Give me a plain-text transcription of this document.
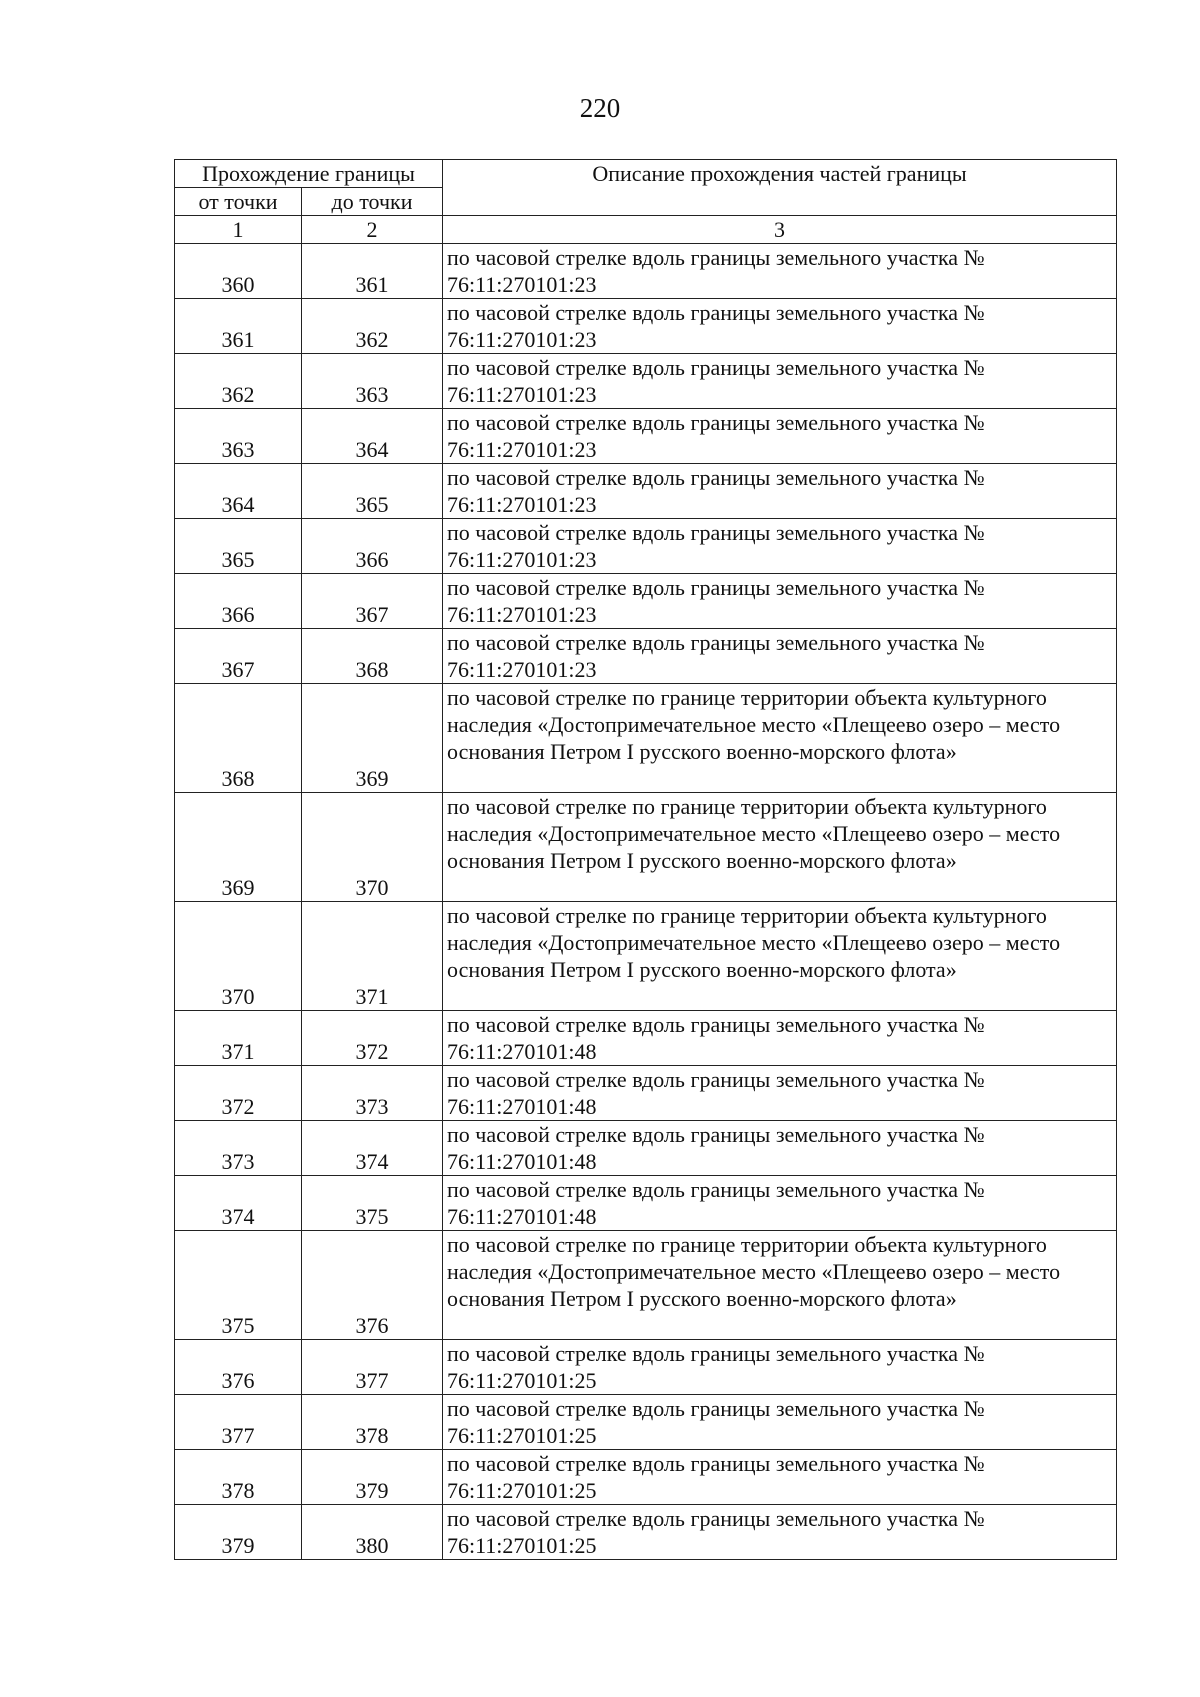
220
Прохождение границы		Описание прохождения частей границы
от точки	до точки	
1	2	3
360	361	по часовой стрелке вдоль границы земельного участка № 76:11:270101:23
361	362	по часовой стрелке вдоль границы земельного участка № 76:11:270101:23
362	363	по часовой стрелке вдоль границы земельного участка № 76:11:270101:23
363	364	по часовой стрелке вдоль границы земельного участка № 76:11:270101:23
364	365	по часовой стрелке вдоль границы земельного участка № 76:11:270101:23
365	366	по часовой стрелке вдоль границы земельного участка № 76:11:270101:23
366	367	по часовой стрелке вдоль границы земельного участка № 76:11:270101:23
367	368	по часовой стрелке вдоль границы земельного участка № 76:11:270101:23
368	369	по часовой стрелке по границе территории объекта культурного наследия «Достопримечательное место «Плещеево озеро – место основания Петром I русского военно-морского флота»
369	370	по часовой стрелке по границе территории объекта культурного наследия «Достопримечательное место «Плещеево озеро – место основания Петром I русского военно-морского флота»
370	371	по часовой стрелке по границе территории объекта культурного наследия «Достопримечательное место «Плещеево озеро – место основания Петром I русского военно-морского флота»
371	372	по часовой стрелке вдоль границы земельного участка № 76:11:270101:48
372	373	по часовой стрелке вдоль границы земельного участка № 76:11:270101:48
373	374	по часовой стрелке вдоль границы земельного участка № 76:11:270101:48
374	375	по часовой стрелке вдоль границы земельного участка № 76:11:270101:48
375	376	по часовой стрелке по границе территории объекта культурного наследия «Достопримечательное место «Плещеево озеро – место основания Петром I русского военно-морского флота»
376	377	по часовой стрелке вдоль границы земельного участка № 76:11:270101:25
377	378	по часовой стрелке вдоль границы земельного участка № 76:11:270101:25
378	379	по часовой стрелке вдоль границы земельного участка № 76:11:270101:25
379	380	по часовой стрелке вдоль границы земельного участка № 76:11:270101:25
